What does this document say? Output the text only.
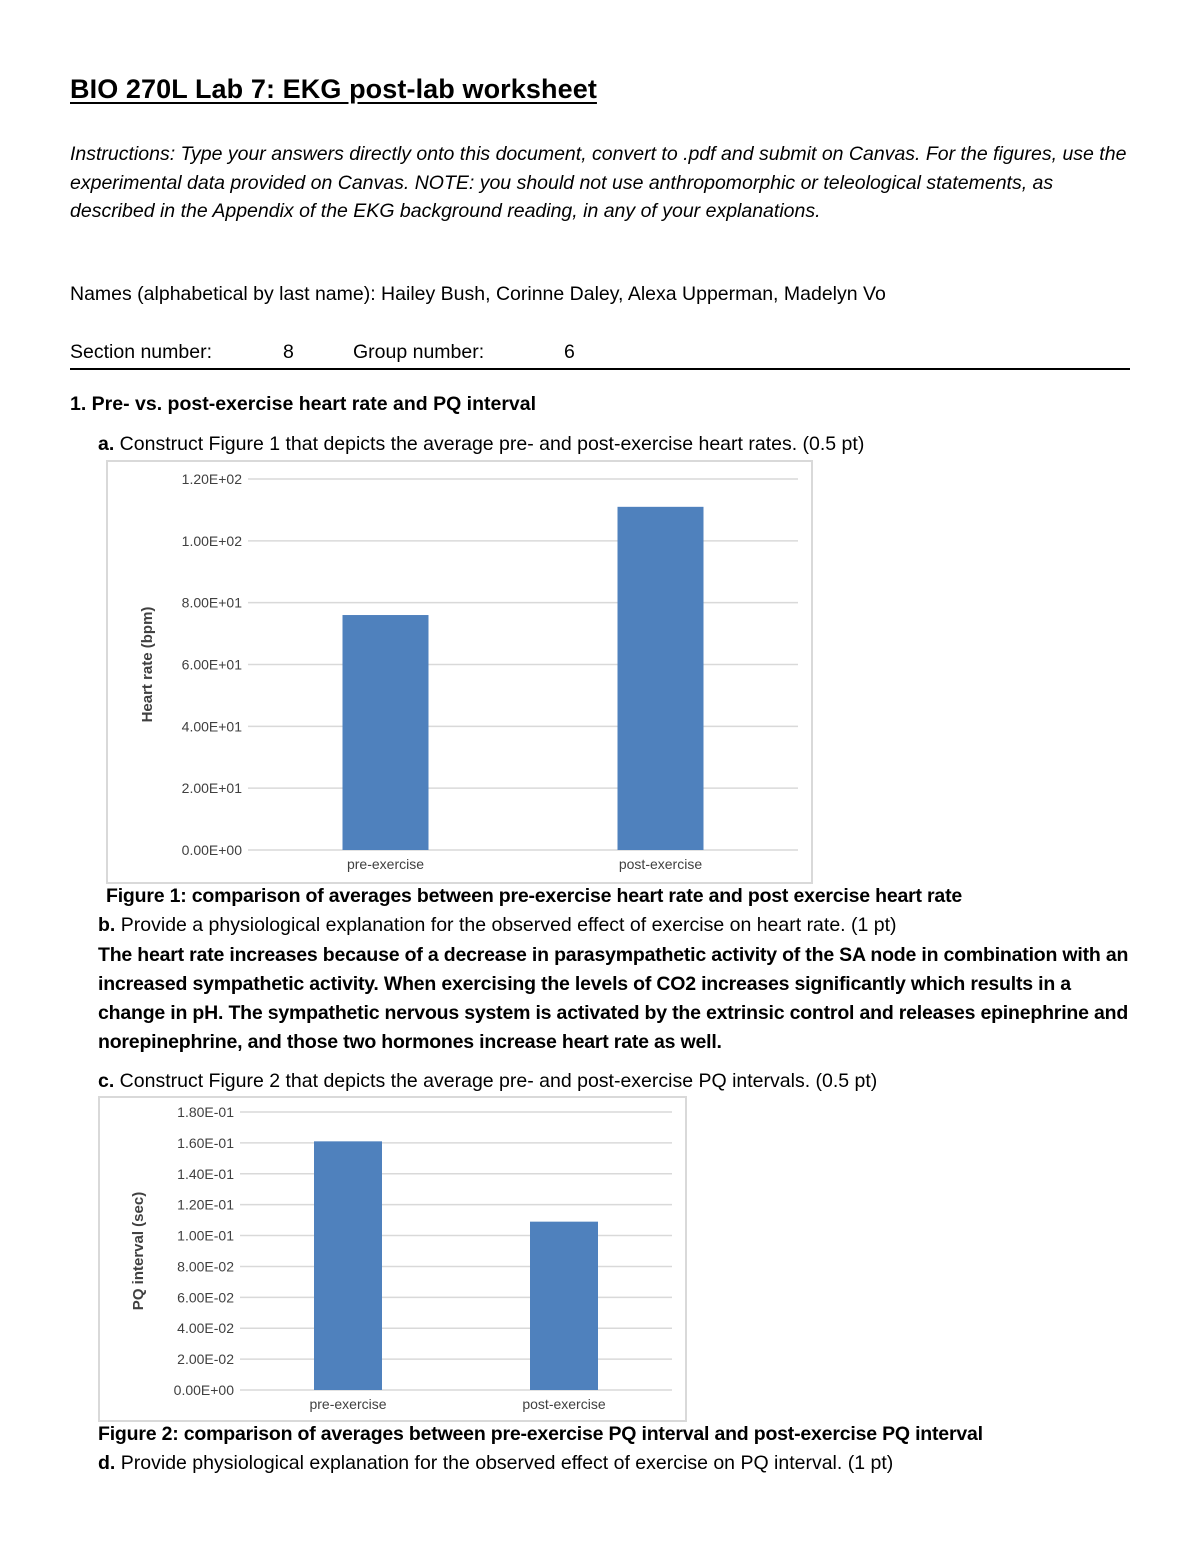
BIO 270L Lab 7: EKG post-lab worksheet

Instructions: Type your answers directly onto this document, convert to .pdf and submit on Canvas. For the figures, use the experimental data provided on Canvas. NOTE: you should not use anthropomorphic or teleological statements, as described in the Appendix of the EKG background reading, in any of your explanations.

Names (alphabetical by last name): Hailey Bush, Corinne Daley, Alexa Upperman, Madelyn Vo

Section number:	8	Group number:	6

1. Pre- vs. post-exercise heart rate and PQ interval

a. Construct Figure 1 that depicts the average pre- and post-exercise heart rates. (0.5 pt)

0.00E+00
2.00E+01
4.00E+01
6.00E+01
8.00E+01
1.00E+02
1.20E+02
pre-exercise	post-exercise
Heart rate (bpm)

Figure 1: comparison of averages between pre-exercise heart rate and post exercise heart rate

b. Provide a physiological explanation for the observed effect of exercise on heart rate. (1 pt)

The heart rate increases because of a decrease in parasympathetic activity of the SA node in combination with an increased sympathetic activity. When exercising the levels of CO2 increases significantly which results in a change in pH. The sympathetic nervous system is activated by the extrinsic control and releases epinephrine and norepinephrine, and those two hormones increase heart rate as well.

c. Construct Figure 2 that depicts the average pre- and post-exercise PQ intervals. (0.5 pt)

0.00E+00
2.00E-02
4.00E-02
6.00E-02
8.00E-02
1.00E-01
1.20E-01
1.40E-01
1.60E-01
1.80E-01
pre-exercise	post-exercise
PQ interval (sec)

Figure 2: comparison of averages between pre-exercise PQ interval and post-exercise PQ interval

d. Provide physiological explanation for the observed effect of exercise on PQ interval. (1 pt)
